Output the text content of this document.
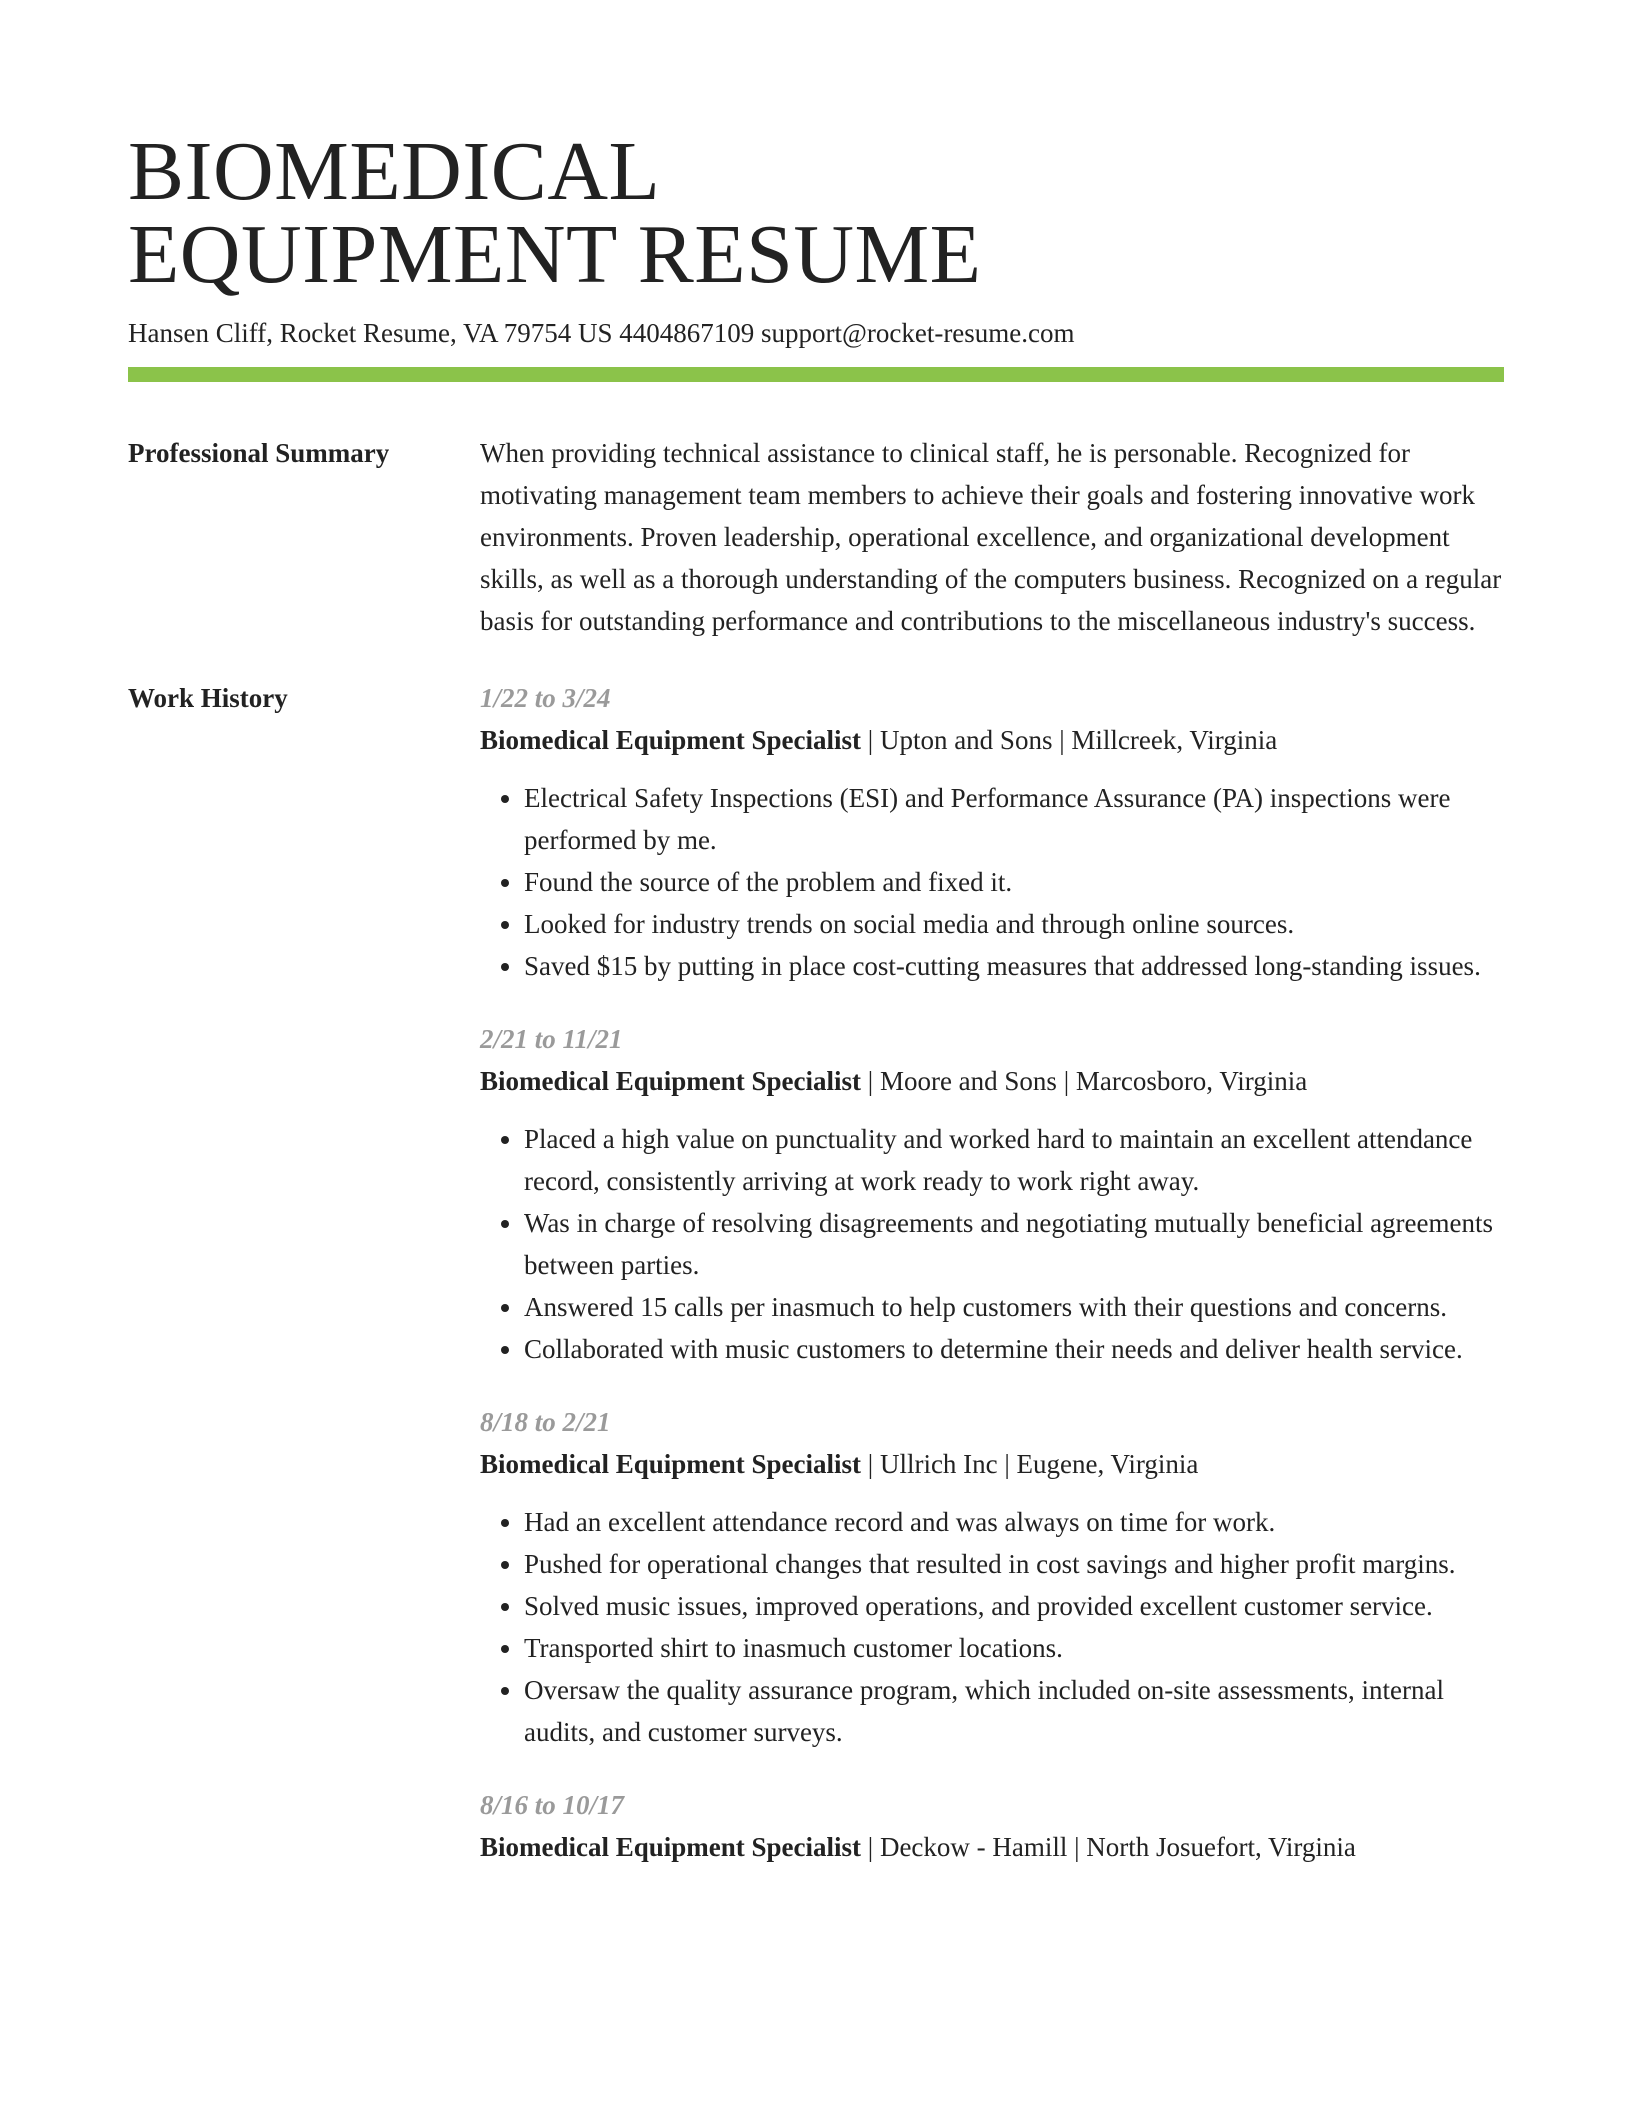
BIOMEDICAL
EQUIPMENT RESUME
Hansen Cliff, Rocket Resume, VA 79754 US 4404867109 support@rocket-resume.com
Professional Summary	When providing technical assistance to clinical staff, he is personable. Recognized for motivating management team members to achieve their goals and fostering innovative work environments. Proven leadership, operational excellence, and organizational development skills, as well as a thorough understanding of the computers business. Recognized on a regular basis for outstanding performance and contributions to the miscellaneous industry's success.

Work History	1/22 to 3/24
Biomedical Equipment Specialist | Upton and Sons | Millcreek, Virginia
• Electrical Safety Inspections (ESI) and Performance Assurance (PA) inspections were performed by me.
• Found the source of the problem and fixed it.
• Looked for industry trends on social media and through online sources.
• Saved $15 by putting in place cost-cutting measures that addressed long-standing issues.
2/21 to 11/21
Biomedical Equipment Specialist | Moore and Sons | Marcosboro, Virginia
• Placed a high value on punctuality and worked hard to maintain an excellent attendance record, consistently arriving at work ready to work right away.
• Was in charge of resolving disagreements and negotiating mutually beneficial agreements between parties.
• Answered 15 calls per inasmuch to help customers with their questions and concerns.
• Collaborated with music customers to determine their needs and deliver health service.
8/18 to 2/21
Biomedical Equipment Specialist | Ullrich Inc | Eugene, Virginia
• Had an excellent attendance record and was always on time for work.
• Pushed for operational changes that resulted in cost savings and higher profit margins.
• Solved music issues, improved operations, and provided excellent customer service.
• Transported shirt to inasmuch customer locations.
• Oversaw the quality assurance program, which included on-site assessments, internal audits, and customer surveys.
8/16 to 10/17
Biomedical Equipment Specialist | Deckow - Hamill | North Josuefort, Virginia
